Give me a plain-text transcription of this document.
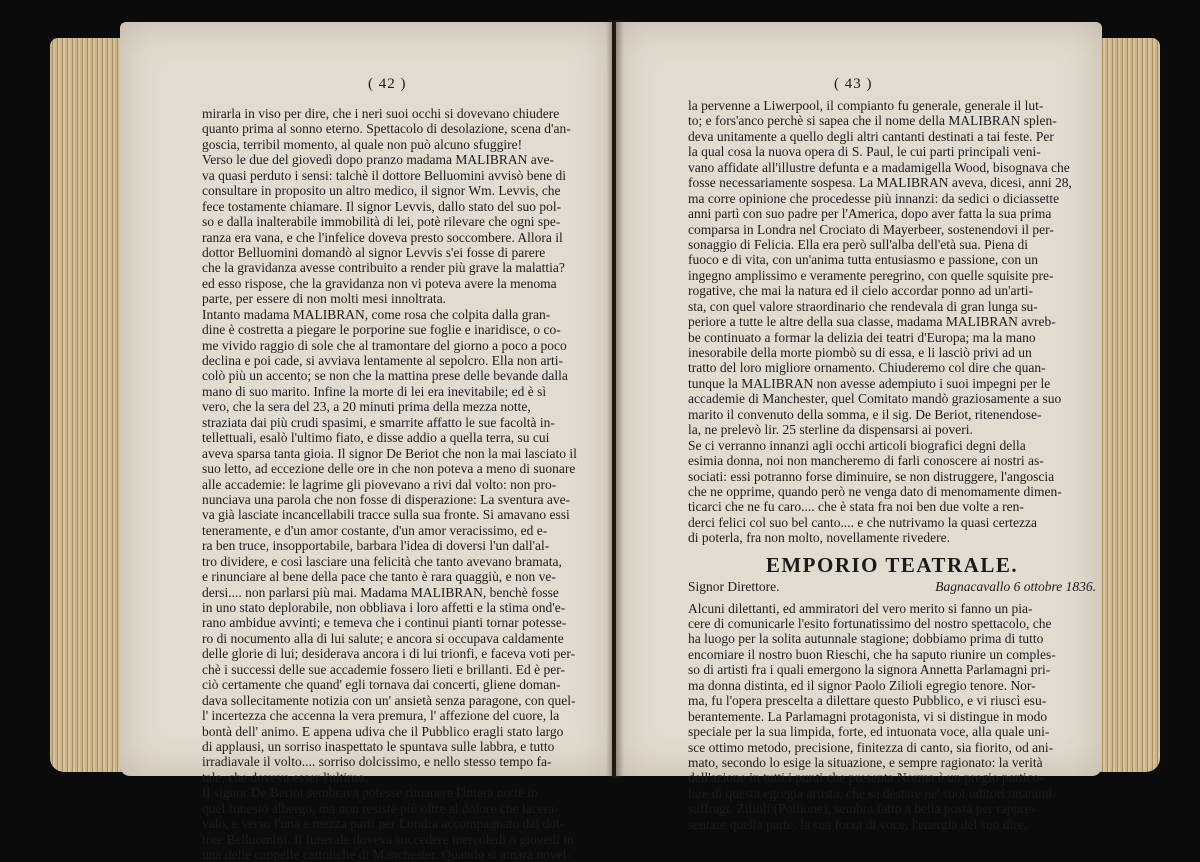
( 42 )
mirarla in viso per dire, che i neri suoi occhi si dovevano chiudere
quanto prima al sonno eterno. Spettacolo di desolazione, scena d'an-
goscia, terribil momento, al quale non può alcuno sfuggire!
Verso le due del giovedì dopo pranzo madama MALIBRAN ave-
va quasi perduto i sensi: talchè il dottore Belluomini avvisò bene di
consultare in proposito un altro medico, il signor Wm. Levvis, che
fece tostamente chiamare. Il signor Levvis, dallo stato del suo pol-
so e dalla inalterabile immobilità di lei, potè rilevare che ogni spe-
ranza era vana, e che l'infelice doveva presto soccombere. Allora il
dottor Belluomini domandò al signor Levvis s'ei fosse di parere
che la gravidanza avesse contribuito a render più grave la malattia?
ed esso rispose, che la gravidanza non vi poteva avere la menoma
parte, per essere di non molti mesi innoltrata.
Intanto madama MALIBRAN, come rosa che colpita dalla gran-
dine è costretta a piegare le porporine sue foglie e inaridisce, o co-
me vivido raggio di sole che al tramontare del giorno a poco a poco
declina e poi cade, si avviava lentamente al sepolcro. Ella non arti-
colò più un accento; se non che la mattina prese delle bevande dalla
mano di suo marito. Infine la morte di lei era inevitabile; ed è sì
vero, che la sera del 23, a 20 minuti prima della mezza notte,
straziata dai più crudi spasimi, e smarrite affatto le sue facoltà in-
tellettuali, esalò l'ultimo fiato, e disse addio a quella terra, su cui
aveva sparsa tanta gioia. Il signor De Beriot che non la mai lasciato il
suo letto, ad eccezione delle ore in che non poteva a meno di suonare
alle accademie: le lagrime gli piovevano a rivi dal volto: non pro-
nunciava una parola che non fosse di disperazione: La sventura ave-
va già lasciate incancellabili tracce sulla sua fronte. Si amavano essi
teneramente, e d'un amor costante, d'un amor veracissimo, ed e-
ra ben truce, insopportabile, barbara l'idea di doversi l'un dall'al-
tro dividere, e così lasciare una felicità che tanto avevano bramata,
e rinunciare al bene della pace che tanto è rara quaggiù, e non ve-
dersi.... non parlarsi più mai. Madama MALIBRAN, benchè fosse
in uno stato deplorabile, non obbliava i loro affetti e la stima ond'e-
rano ambidue avvinti; e temeva che i continui pianti tornar potesse-
ro di nocumento alla di lui salute; e ancora si occupava caldamente
delle glorie di lui; desiderava ancora i di lui trionfi, e faceva voti per-
chè i successi delle sue accademie fossero lieti e brillanti. Ed è per-
ciò certamente che quand' egli tornava dai concerti, gliene doman-
dava sollecitamente notizia con un' ansietà senza paragone, con quel-
l' incertezza che accenna la vera premura, l' affezione del cuore, la
bontà dell' animo. E appena udiva che il Pubblico eragli stato largo
di applausi, un sorriso inaspettato le spuntava sulle labbra, e tutto
irradiavale il volto.... sorriso dolcissimo, e nello stesso tempo fa-
tale, che doveva esser l'ultimo.
Il signor De Beriot sembrava potesse rimanere l'intera notte in
quel funesto albergo, ma non resistè più oltre al dolore che lacera-
valo, e verso l'una e mezza partì per Londra accompagnato dal dot-
tore Belluomini. Il funerale doveva succedere mercoledì o giovedì in
una delle cappelle cattoliche di Manchester. Quando si amara novel-
( 43 )
la pervenne a Liwerpool, il compianto fu generale, generale il lut-
to; e fors'anco perchè si sapea che il nome della MALIBRAN splen-
deva unitamente a quello degli altri cantanti destinati a tai feste. Per
la qual cosa la nuova opera di S. Paul, le cui parti principali veni-
vano affidate all'illustre defunta e a madamigella Wood, bisognava che
fosse necessariamente sospesa. La MALIBRAN aveva, dicesi, anni 28,
ma corre opinione che procedesse più innanzi: da sedici o diciassette
anni partì con suo padre per l'America, dopo aver fatta la sua prima
comparsa in Londra nel Crociato di Mayerbeer, sostenendovi il per-
sonaggio di Felicia. Ella era però sull'alba dell'età sua. Piena di
fuoco e di vita, con un'anima tutta entusiasmo e passione, con un
ingegno amplissimo e veramente peregrino, con quelle squisite pre-
rogative, che mai la natura ed il cielo accordar ponno ad un'arti-
sta, con quel valore straordinario che rendevala di gran lunga su-
periore a tutte le altre della sua classe, madama MALIBRAN avreb-
be continuato a formar la delizia dei teatri d'Europa; ma la mano
inesorabile della morte piombò su di essa, e li lasciò privi ad un
tratto del loro migliore ornamento. Chiuderemo col dire che quan-
tunque la MALIBRAN non avesse adempiuto i suoi impegni per le
accademie di Manchester, quel Comitato mandò graziosamente a suo
marito il convenuto della somma, e il sig. De Beriot, ritenendose-
la, ne prelevò lir. 25 sterline da dispensarsi ai poveri.
Se ci verranno innanzi agli occhi articoli biografici degni della
esimia donna, noi non mancheremo di farli conoscere ai nostri as-
sociati: essi potranno forse diminuire, se non distruggere, l'angoscia
che ne opprime, quando però ne venga dato di menomamente dimen-
ticarci che ne fu caro.... che è stata fra noi ben due volte a ren-
derci felici col suo bel canto.... e che nutrivamo la quasi certezza
di poterla, fra non molto, novellamente rivedere.
EMPORIO TEATRALE.
Signor Direttore.	Bagnacavallo 6 ottobre 1836.
Alcuni dilettanti, ed ammiratori del vero merito si fanno un pia-
cere di comunicarle l'esito fortunatissimo del nostro spettacolo, che
ha luogo per la solita autunnale stagione; dobbiamo prima di tutto
encomiare il nostro buon Rieschi, che ha saputo riunire un comples-
so di artisti fra i quali emergono la signora Annetta Parlamagni pri-
ma donna distinta, ed il signor Paolo Zilioli egregio tenore. Nor-
ma, fu l'opera prescelta a dilettare questo Pubblico, e vi riuscì esu-
berantemente. La Parlamagni protagonista, vi si distingue in modo
speciale per la sua limpida, forte, ed intuonata voce, alla quale uni-
sce ottimo metodo, precisione, finitezza di canto, sia fiorito, od ani-
mato, secondo lo esige la situazione, e sempre ragionato: la verità
dell'azione in tutti i punti che presenta Norma è un pregio partico-
lare di questa egregia artista, che sa destare ne' suoi uditori unanimi
suffragi. Zilioli (Pollione), sembra fatto a bella posta per rappre-
sentare quella parte: la sua forza di voce, l'energia del suo dire,
